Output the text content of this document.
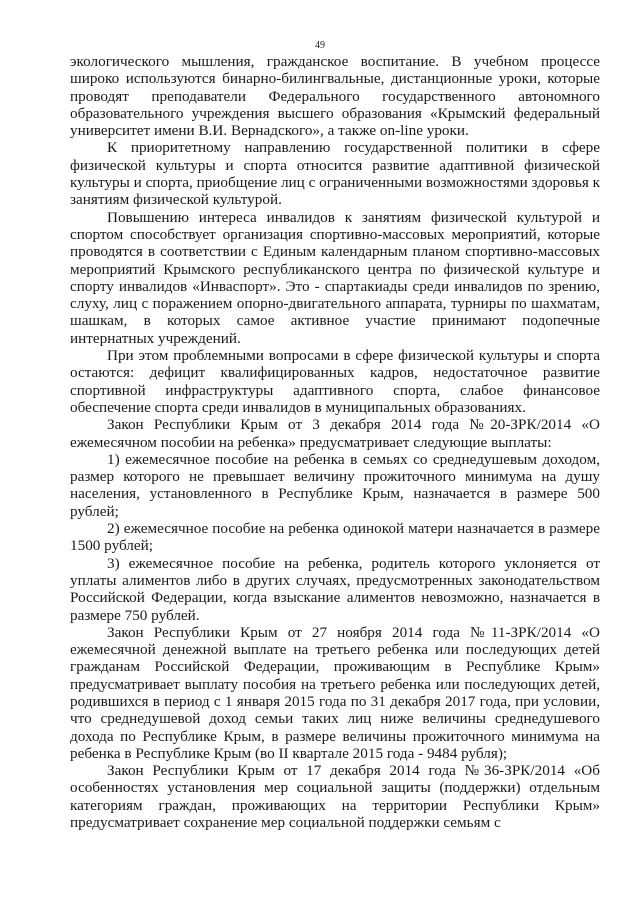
49

экологического мышления, гражданское воспитание. В учебном процессе широко используются бинарно-билингвальные, дистанционные уроки, которые проводят преподаватели Федерального государственного автономного образовательного учреждения высшего образования «Крымский федеральный университет имени В.И. Вернадского», а также on-line уроки.

К приоритетному направлению государственной политики в сфере физической культуры и спорта относится развитие адаптивной физической культуры и спорта, приобщение лиц с ограниченными возможностями здоровья к занятиям физической культурой.

Повышению интереса инвалидов к занятиям физической культурой и спортом способствует организация спортивно-массовых мероприятий, которые проводятся в соответствии с Единым календарным планом спортивно-массовых мероприятий Крымского республиканского центра по физической культуре и спорту инвалидов «Инваспорт». Это - спартакиады среди инвалидов по зрению, слуху, лиц с поражением опорно-двигательного аппарата, турниры по шахматам, шашкам, в которых самое активное участие принимают подопечные интернатных учреждений.

При этом проблемными вопросами в сфере физической культуры и спорта остаются: дефицит квалифицированных кадров, недостаточное развитие спортивной инфраструктуры адаптивного спорта, слабое финансовое обеспечение спорта среди инвалидов в муниципальных образованиях.

Закон Республики Крым от 3 декабря 2014 года №20-ЗРК/2014 «О ежемесячном пособии на ребенка» предусматривает следующие выплаты:

1) ежемесячное пособие на ребенка в семьях со среднедушевым доходом, размер которого не превышает величину прожиточного минимума на душу населения, установленного в Республике Крым, назначается в размере 500 рублей;

2) ежемесячное пособие на ребенка одинокой матери назначается в размере 1500 рублей;

3) ежемесячное пособие на ребенка, родитель которого уклоняется от уплаты алиментов либо в других случаях, предусмотренных законодательством Российской Федерации, когда взыскание алиментов невозможно, назначается в размере 750 рублей.

Закон Республики Крым от 27 ноября 2014 года №11-ЗРК/2014 «О ежемесячной денежной выплате на третьего ребенка или последующих детей гражданам Российской Федерации, проживающим в Республике Крым» предусматривает выплату пособия на третьего ребенка или последующих детей, родившихся в период с 1 января 2015 года по 31 декабря 2017 года, при условии, что среднедушевой доход семьи таких лиц ниже величины среднедушевого дохода по Республике Крым, в размере величины прожиточного минимума на ребенка в Республике Крым (во II квартале 2015 года - 9484 рубля);

Закон Республики Крым от 17 декабря 2014 года №36-ЗРК/2014 «Об особенностях установления мер социальной защиты (поддержки) отдельным категориям граждан, проживающих на территории Республики Крым» предусматривает сохранение мер социальной поддержки семьям с
